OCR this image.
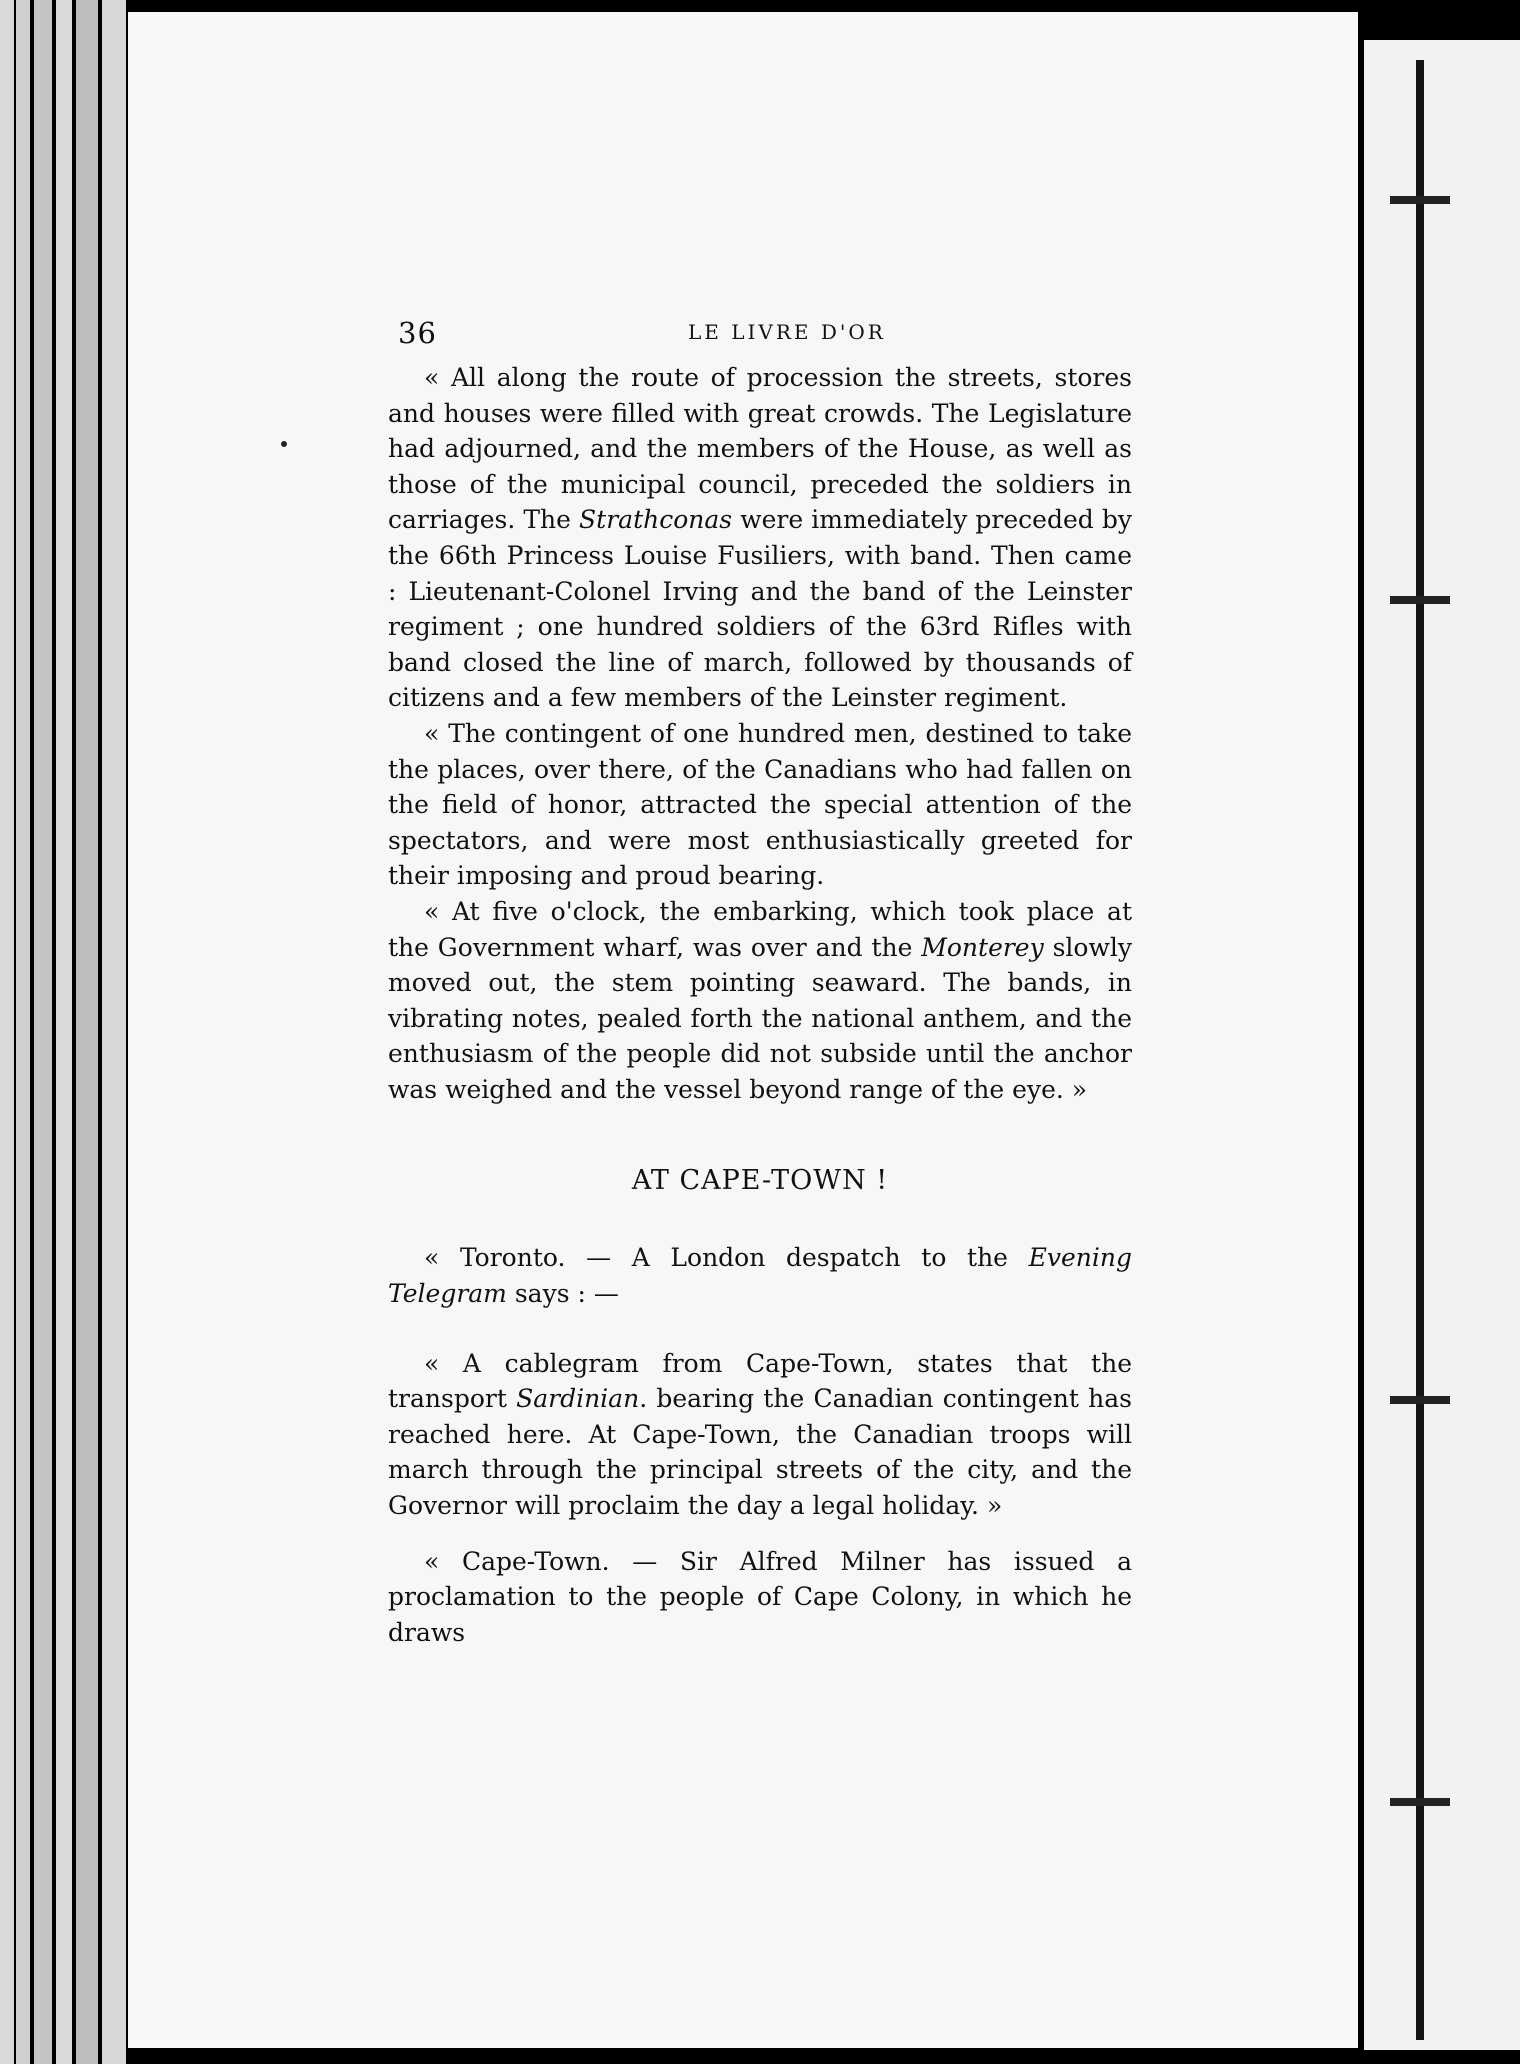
36	LE LIVRE D'OR

« All along the route of procession the streets, stores and houses were filled with great crowds. The Legislature had adjourned, and the members of the House, as well as those of the municipal council, preceded the soldiers in carriages. The Strathconas were immediately preceded by the 66th Princess Louise Fusiliers, with band. Then came : Lieutenant-Colonel Irving and the band of the Leinster regiment ; one hundred soldiers of the 63rd Rifles with band closed the line of march, followed by thousands of citizens and a few members of the Leinster regiment.

« The contingent of one hundred men, destined to take the places, over there, of the Canadians who had fallen on the field of honor, attracted the special attention of the spectators, and were most enthusiastically greeted for their imposing and proud bearing.

« At five o'clock, the embarking, which took place at the Government wharf, was over and the Monterey slowly moved out, the stem pointing seaward. The bands, in vibrating notes, pealed forth the national anthem, and the enthusiasm of the people did not subside until the anchor was weighed and the vessel beyond range of the eye. »

AT CAPE-TOWN !

« Toronto. — A London despatch to the Evening Telegram says : —

« A cablegram from Cape-Town, states that the transport Sardinian. bearing the Canadian contingent has reached here. At Cape-Town, the Canadian troops will march through the principal streets of the city, and the Governor will proclaim the day a legal holiday. »

« Cape-Town. — Sir Alfred Milner has issued a proclamation to the people of Cape Colony, in which he draws
